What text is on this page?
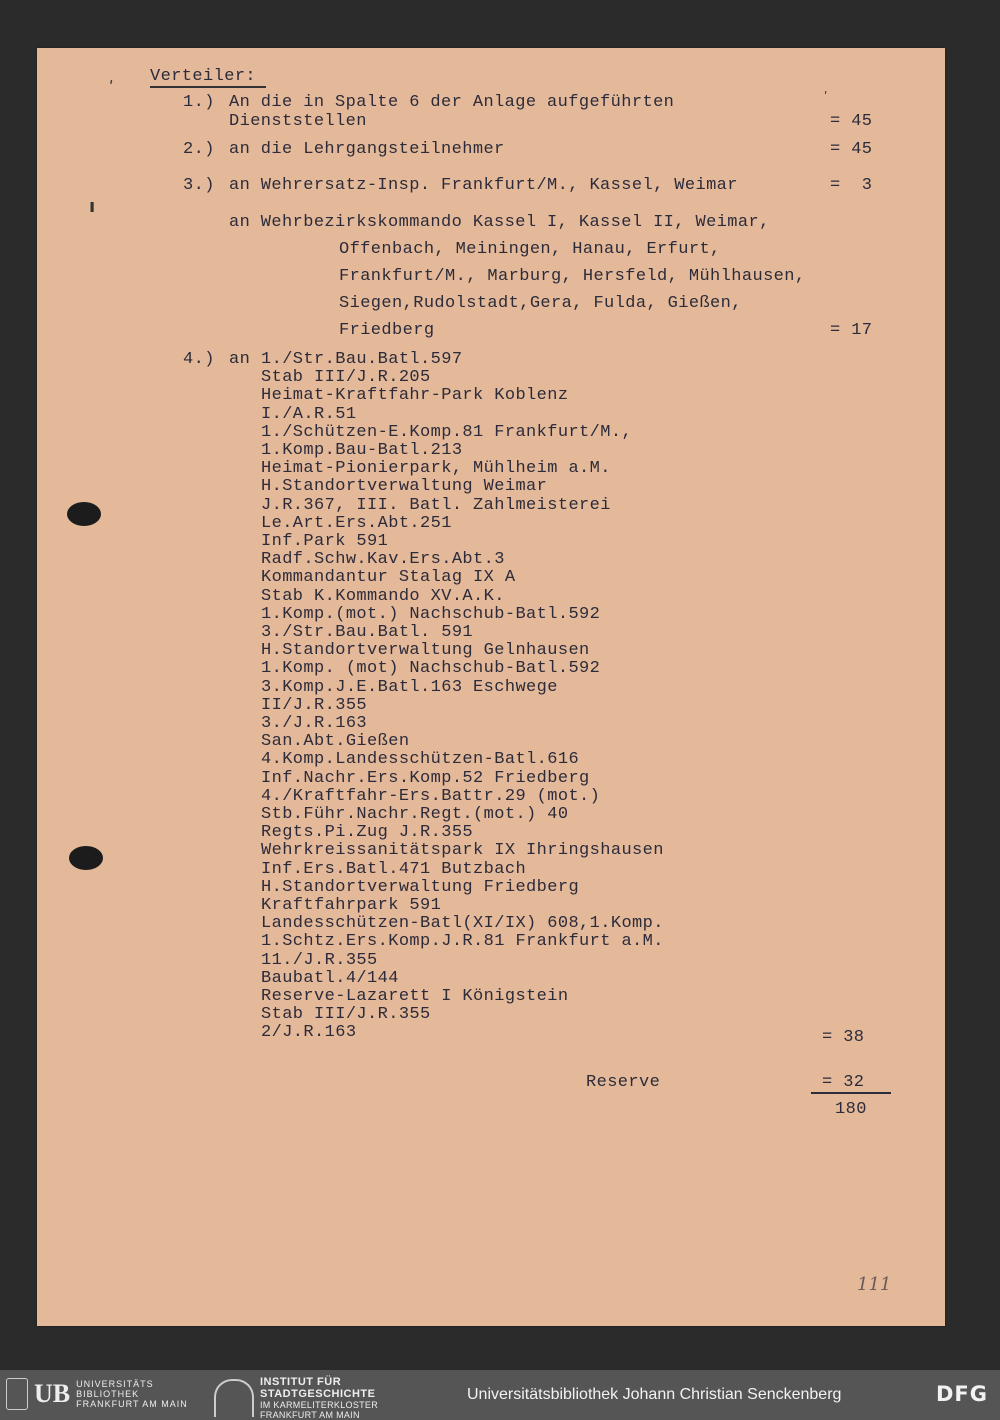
ʹ
ı
ʹ
Verteiler:
1.) An die in Spalte 6 der Anlage aufgeführten
Dienststellen	= 45
2.) an die Lehrgangsteilnehmer	= 45
3.) an Wehrersatz-Insp. Frankfurt/M., Kassel, Weimar	=  3
an Wehrbezirkskommando Kassel I, Kassel II, Weimar,
Offenbach, Meiningen, Hanau, Erfurt,
Frankfurt/M., Marburg, Hersfeld, Mühlhausen,
Siegen,Rudolstadt,Gera, Fulda, Gießen,
Friedberg	= 17
4.) an 1./Str.Bau.Batl.597
Stab III/J.R.205
Heimat-Kraftfahr-Park Koblenz
I./A.R.51
1./Schützen-E.Komp.81 Frankfurt/M.,
1.Komp.Bau-Batl.213
Heimat-Pionierpark, Mühlheim a.M.
H.Standortverwaltung Weimar
J.R.367, III. Batl. Zahlmeisterei
Le.Art.Ers.Abt.251
Inf.Park 591
Radf.Schw.Kav.Ers.Abt.3
Kommandantur Stalag IX A
Stab K.Kommando XV.A.K.
1.Komp.(mot.) Nachschub-Batl.592
3./Str.Bau.Batl. 591
H.Standortverwaltung Gelnhausen
1.Komp. (mot) Nachschub-Batl.592
3.Komp.J.E.Batl.163 Eschwege
II/J.R.355
3./J.R.163
San.Abt.Gießen
4.Komp.Landesschützen-Batl.616
Inf.Nachr.Ers.Komp.52 Friedberg
4./Kraftfahr-Ers.Battr.29 (mot.)
Stb.Führ.Nachr.Regt.(mot.) 40
Regts.Pi.Zug J.R.355
Wehrkreissanitätspark IX Ihringshausen
Inf.Ers.Batl.471 Butzbach
H.Standortverwaltung Friedberg
Kraftfahrpark 591
Landesschützen-Batl(XI/IX) 608,1.Komp.
1.Schtz.Ers.Komp.J.R.81 Frankfurt a.M.
11./J.R.355
Baubatl.4/144
Reserve-Lazarett I Königstein
Stab III/J.R.355
2/J.R.163	= 38
Reserve	= 32
180
111
UB UNIVERSITÄTS
BIBLIOTHEK
FRANKFURT AM MAIN
INSTITUT FÜR
STADTGESCHICHTE
IM KARMELITERKLOSTER
FRANKFURT AM MAIN
Universitätsbibliothek Johann Christian Senckenberg	DFG
